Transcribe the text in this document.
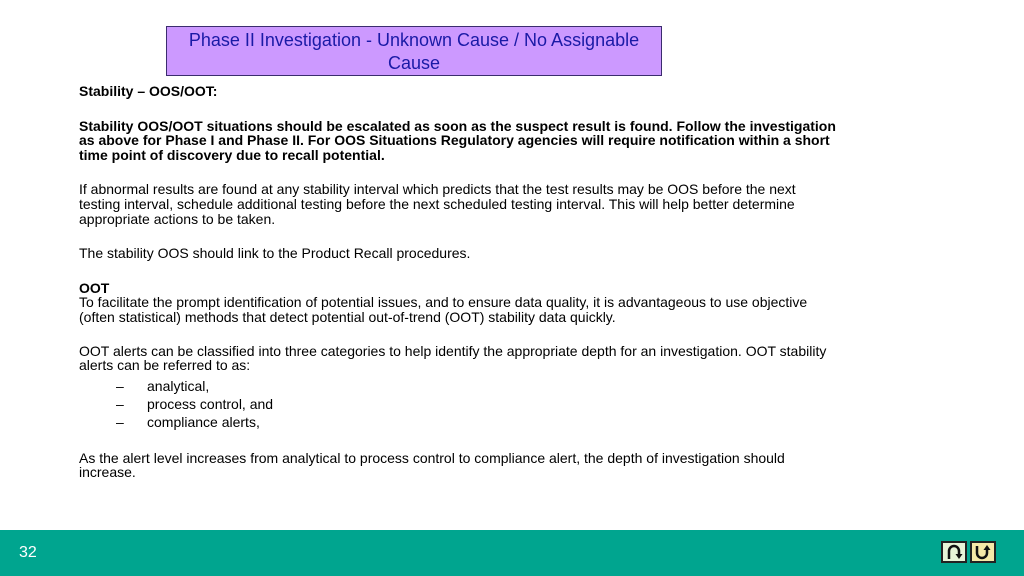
Phase II Investigation - Unknown Cause / No Assignable
Cause

Stability – OOS/OOT:

Stability OOS/OOT situations should be escalated as soon as the suspect result is found. Follow the investigation as above for Phase I and Phase II. For OOS Situations Regulatory agencies will require notification within a short time point of discovery due to recall potential.

If abnormal results are found at any stability interval which predicts that the test results may be OOS before the next testing interval, schedule additional testing before the next scheduled testing interval. This will help better determine appropriate actions to be taken.

The stability OOS should link to the Product Recall procedures.

OOT

To facilitate the prompt identification of potential issues, and to ensure data quality, it is advantageous to use objective (often statistical) methods that detect potential out-of-trend (OOT) stability data quickly.

OOT alerts can be classified into three categories to help identify the appropriate depth for an investigation. OOT stability alerts can be referred to as:

– analytical,
– process control, and
– compliance alerts,

As the alert level increases from analytical to process control to compliance alert, the depth of investigation should increase.

32
